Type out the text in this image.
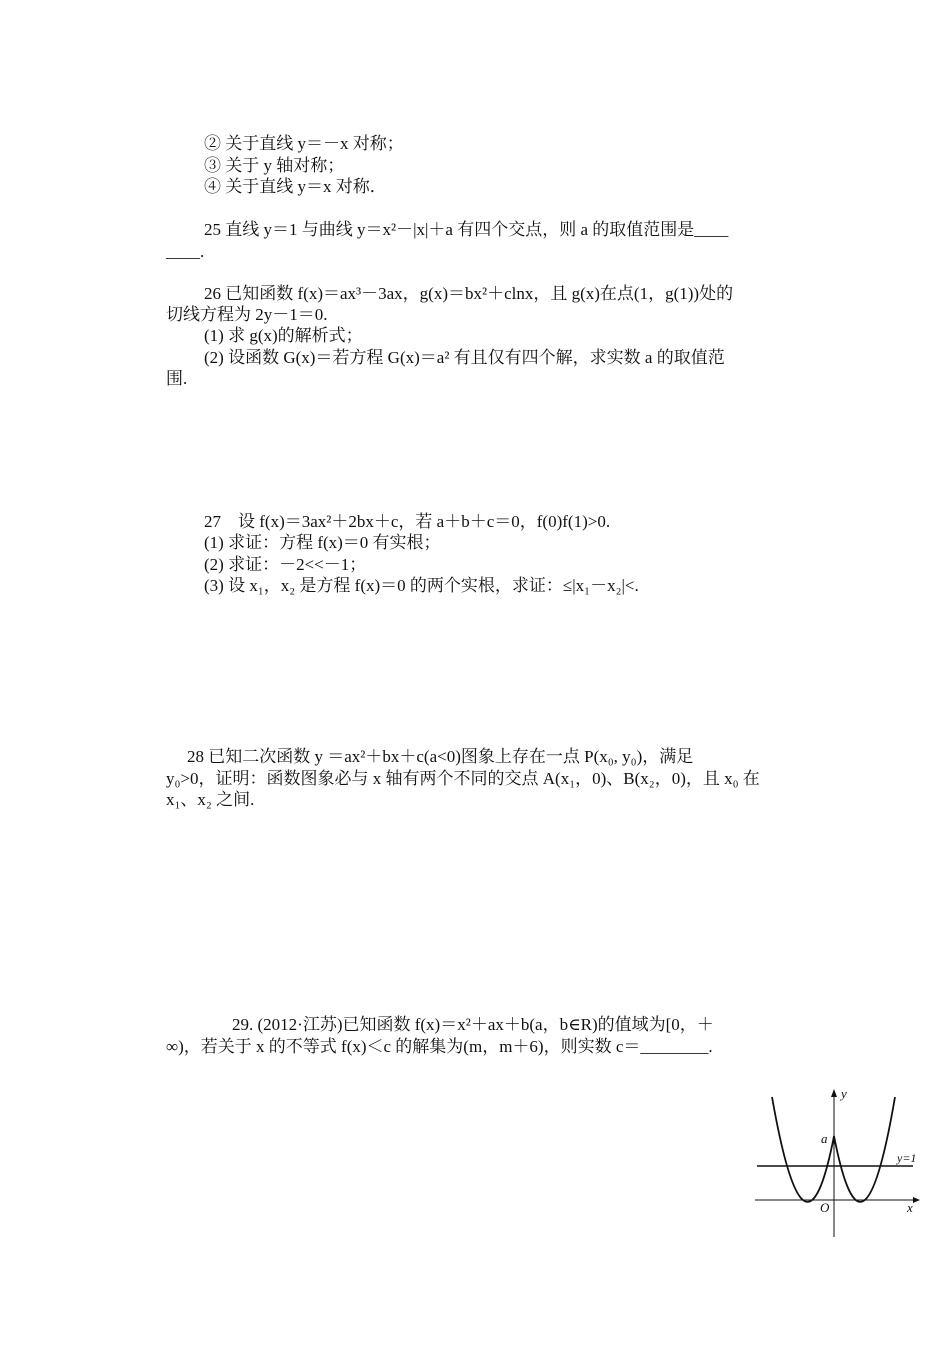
② 关于直线 y＝－x 对称；
③ 关于 y 轴对称；
④ 关于直线 y＝x 对称．
25 直线 y＝1 与曲线 y＝x²－|x|＋a 有四个交点，则 a 的取值范围是____
____.
26 已知函数 f(x)＝ax³－3ax，g(x)＝bx²＋clnx，且 g(x)在点(1，g(1))处的
切线方程为 2y－1＝0.
(1) 求 g(x)的解析式；
(2) 设函数 G(x)＝若方程 G(x)＝a² 有且仅有四个解，求实数 a 的取值范
围.
27　设 f(x)＝3ax²＋2bx＋c，若 a＋b＋c＝0，f(0)f(1)>0.
(1) 求证：方程 f(x)＝0 有实根；
(2) 求证：－2<<－1；
(3) 设 x₁，x₂ 是方程 f(x)＝0 的两个实根，求证：≤|x₁－x₂|<.
28 已知二次函数 y ＝ax²＋bx＋c(a<0)图象上存在一点 P(x₀, y₀)，满足
y₀>0，证明：函数图象必与 x 轴有两个不同的交点 A(x₁，0)、B(x₂，0)，且 x₀ 在
x₁、x₂ 之间.
29. (2012·江苏)已知函数 f(x)＝x²＋ax＋b(a，b∈R)的值域为[0，＋
∞)，若关于 x 的不等式 f(x)＜c 的解集为(m，m＋6)，则实数 c＝________.
y
x
a
O
y=1
